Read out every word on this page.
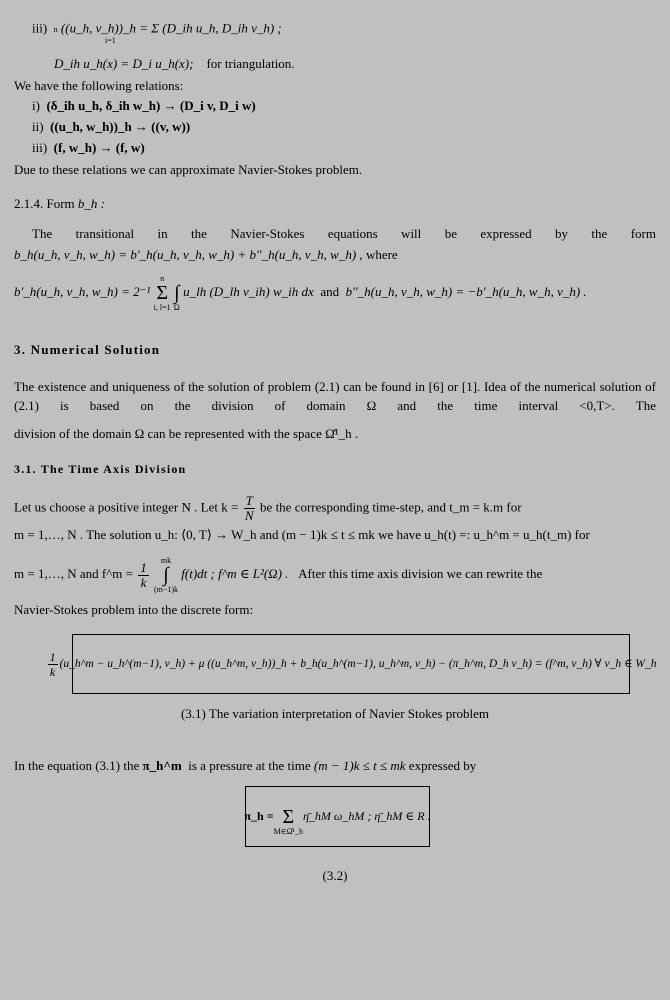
iii) n ((u_h, v_h))_h = Σ (D_ih u_h, D_ih v_h) ; i=1
D_ih u_h(x) = D_i u_h(x); for triangulation.
We have the following relations:
i) (δ_ih u_h, δ_ih w_h) → (D_i v, D_i w)
ii) ((u_h, w_h))_h → ((v, w))
iii) (f, w_h) → (f, w)
Due to these relations we can approximate Navier-Stokes problem.
2.1.4. Form b_h :
The transitional in the Navier-Stokes equations will be expressed by the form
b_h(u_h, v_h, w_h) = b'_h(u_h, v_h, w_h) + b''_h(u_h, v_h, w_h) , where
b'_h(u_h, v_h, w_h) = 2⁻¹ n
Σ
i, l=1
∫
Ω u_lh (D_lh v_ih) w_ih dx and b''_h(u_h, v_h, w_h) = −b'_h(u_h, w_h, v_h) .
3. Numerical Solution
The existence and uniqueness of the solution of problem (2.1) can be found in [6] or [1]. Idea of the numerical solution of (2.1) is based on the division of domain Ω and the time interval <0,T>. The
division of the domain Ω can be represented with the space Ω̊¹_h .
3.1. The Time Axis Division
Let us choose a positive integer N . Let $k = \frac{T}{N}$ be the corresponding time-step, and t_m = k.m for
m = 1,…, N . The solution u_h: ⟨0, T⟩ → W_h and (m − 1)k ≤ t ≤ mk we have u_h(t) =: u_h^m = u_h(t_m) for
m = 1,…, N and f^m = $\frac{1}{k}$ mk
∫
(m−1)k f(t)dt ; f^m ∈ L²(Ω) . After this time axis division we can rewrite the
Navier-Stokes problem into the discrete form:
$\frac{1}{k}$ (u_h^m − u_h^(m−1), v_h) + μ ((u_h^m, v_h))_h + b_h(u_h^(m−1), u_h^m, v_h) − (π_h^m, D_h v_h) = (f^m, v_h) ∀ v_h ∈ W_h
(3.1) The variation interpretation of Navier Stokes problem
In the equation (3.1) the π_h^m is a pressure at the time (m − 1)k ≤ t ≤ mk expressed by
π_h =
Σ
M∈Ω̊¹_h
η̄_hM ω_hM ; η̄_hM ∈ R .
(3.2)
